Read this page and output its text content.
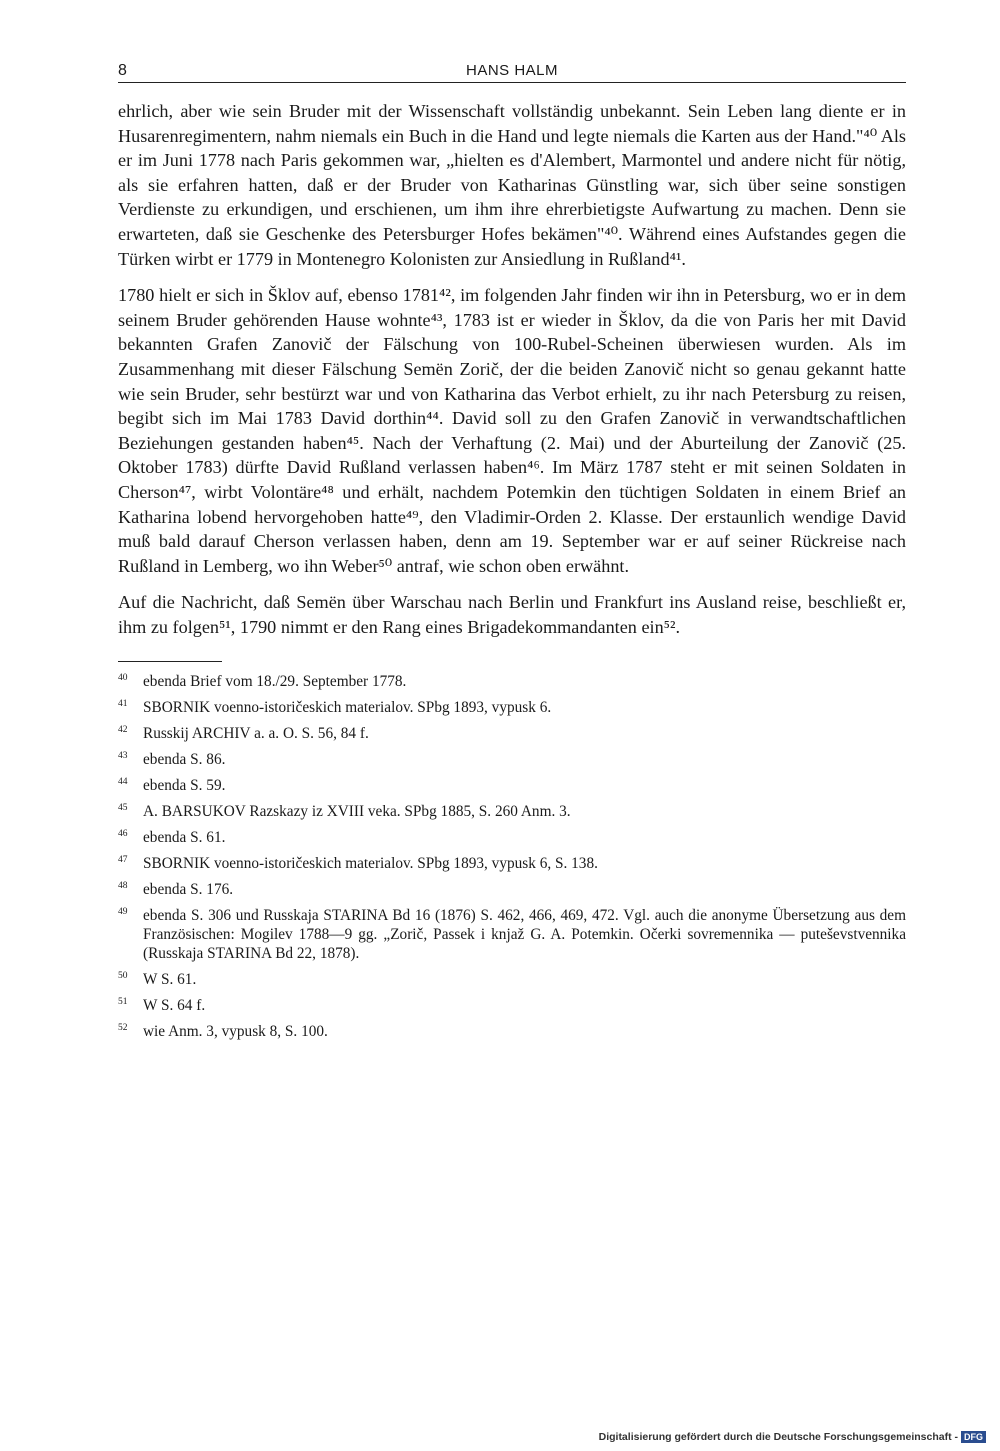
8	HANS HALM

ehrlich, aber wie sein Bruder mit der Wissenschaft vollständig unbekannt. Sein Leben lang diente er in Husarenregimentern, nahm niemals ein Buch in die Hand und legte niemals die Karten aus der Hand."⁴⁰ Als er im Juni 1778 nach Paris gekommen war, „hielten es d'Alembert, Marmontel und andere nicht für nötig, als sie erfahren hatten, daß er der Bruder von Katharinas Günstling war, sich über seine sonstigen Verdienste zu erkundigen, und erschienen, um ihm ihre ehrerbietigste Aufwartung zu machen. Denn sie erwarteten, daß sie Geschenke des Petersburger Hofes bekämen"⁴⁰. Während eines Aufstandes gegen die Türken wirbt er 1779 in Montenegro Kolonisten zur Ansiedlung in Rußland⁴¹.

1780 hielt er sich in Šklov auf, ebenso 1781⁴², im folgenden Jahr finden wir ihn in Petersburg, wo er in dem seinem Bruder gehörenden Hause wohnte⁴³, 1783 ist er wieder in Šklov, da die von Paris her mit David bekannten Grafen Zanovič der Fälschung von 100-Rubel-Scheinen überwiesen wurden. Als im Zusammenhang mit dieser Fälschung Semën Zorič, der die beiden Zanovič nicht so genau gekannt hatte wie sein Bruder, sehr bestürzt war und von Katharina das Verbot erhielt, zu ihr nach Petersburg zu reisen, begibt sich im Mai 1783 David dorthin⁴⁴. David soll zu den Grafen Zanovič in verwandtschaftlichen Beziehungen gestanden haben⁴⁵. Nach der Verhaftung (2. Mai) und der Aburteilung der Zanovič (25. Oktober 1783) dürfte David Rußland verlassen haben⁴⁶. Im März 1787 steht er mit seinen Soldaten in Cherson⁴⁷, wirbt Volontäre⁴⁸ und erhält, nachdem Potemkin den tüchtigen Soldaten in einem Brief an Katharina lobend hervorgehoben hatte⁴⁹, den Vladimir-Orden 2. Klasse. Der erstaunlich wendige David muß bald darauf Cherson verlassen haben, denn am 19. September war er auf seiner Rückreise nach Rußland in Lemberg, wo ihn Weber⁵⁰ antraf, wie schon oben erwähnt.

Auf die Nachricht, daß Semën über Warschau nach Berlin und Frankfurt ins Ausland reise, beschließt er, ihm zu folgen⁵¹, 1790 nimmt er den Rang eines Brigadekommandanten ein⁵².

40	ebenda Brief vom 18./29. September 1778.
41	SBORNIK voenno-istoričeskich materialov. SPbg 1893, vypusk 6.
42	Russkij ARCHIV a. a. O. S. 56, 84 f.
43	ebenda S. 86.
44	ebenda S. 59.
45	A. BARSUKOV Razskazy iz XVIII veka. SPbg 1885, S. 260 Anm. 3.
46	ebenda S. 61.
47	SBORNIK voenno-istoričeskich materialov. SPbg 1893, vypusk 6, S. 138.
48	ebenda S. 176.
49	ebenda S. 306 und Russkaja STARINA Bd 16 (1876) S. 462, 466, 469, 472. Vgl. auch die anonyme Übersetzung aus dem Französischen: Mogilev 1788—9 gg. „Zorič, Passek i knjaž G. A. Potemkin. Očerki sovremennika — puteševstvennika (Russkaja STARINA Bd 22, 1878).
50	W S. 61.
51	W S. 64 f.
52	wie Anm. 3, vypusk 8, S. 100.
Digitalisierung gefördert durch die Deutsche Forschungsgemeinschaft - DFG
